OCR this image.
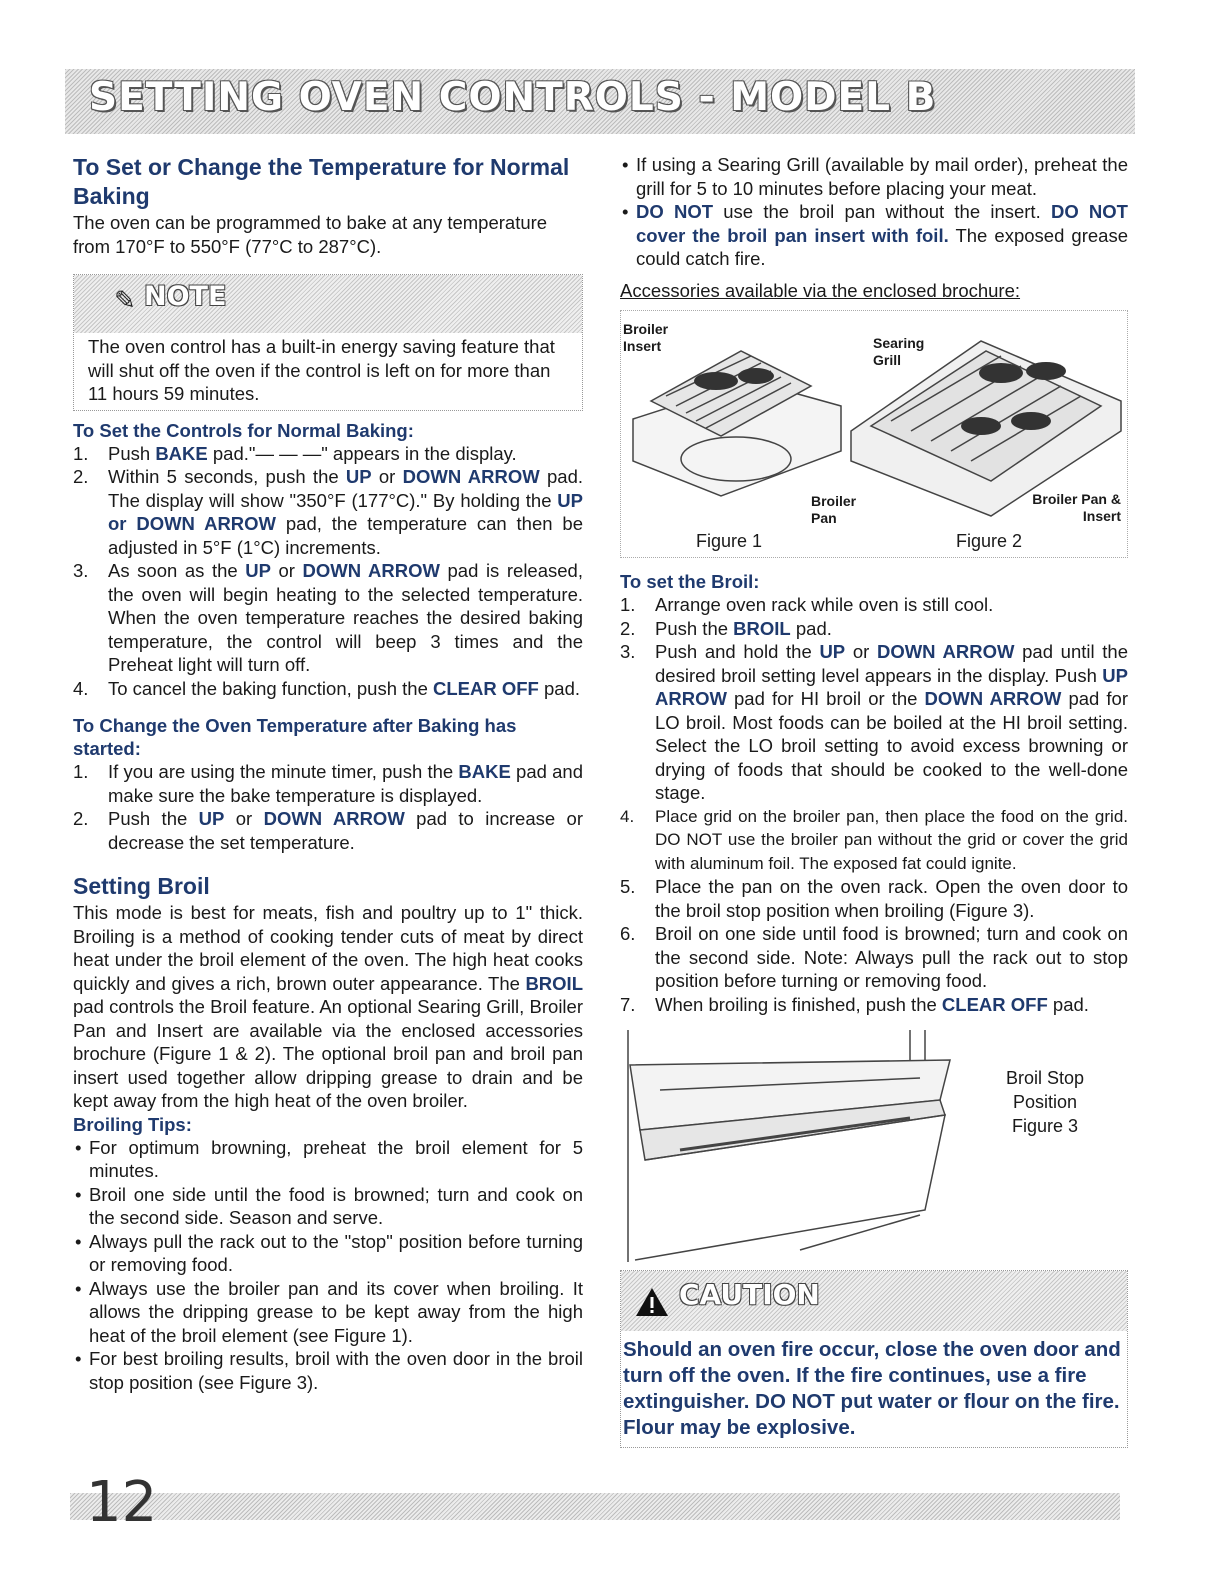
SETTING OVEN CONTROLS - MODEL B
To Set or Change the Temperature for Normal Baking

The oven can be programmed to bake at any temperature from 170°F to 550°F (77°C to 287°C).

✎ NOTE
The oven control has a built-in energy saving feature that will shut off the oven if the control is left on for more than 11 hours 59 minutes.
To Set the Controls for Normal Baking:
1. Push BAKE pad."— — —" appears in the display.
2. Within 5 seconds, push the UP or DOWN ARROW pad. The display will show "350°F (177°C)." By holding the UP or DOWN ARROW pad, the temperature can then be adjusted in 5°F (1°C) increments.
3. As soon as the UP or DOWN ARROW pad is released, the oven will begin heating to the selected temperature. When the oven temperature reaches the desired baking temperature, the control will beep 3 times and the Preheat light will turn off.
4. To cancel the baking function, push the CLEAR OFF pad.
To Change the Oven Temperature after Baking has started:
1. If you are using the minute timer, push the BAKE pad and make sure the bake temperature is displayed.
2. Push the UP or DOWN ARROW pad to increase or decrease the set temperature.
Setting Broil

This mode is best for meats, fish and poultry up to 1" thick. Broiling is a method of cooking tender cuts of meat by direct heat under the broil element of the oven. The high heat cooks quickly and gives a rich, brown outer appearance. The BROIL pad controls the Broil feature. An optional Searing Grill, Broiler Pan and Insert are available via the enclosed accessories brochure (Figure 1 & 2). The optional broil pan and broil pan insert used together allow dripping grease to drain and be kept away from the high heat of the oven broiler.

Broiling Tips:
• For optimum browning, preheat the broil element for 5 minutes.
• Broil one side until the food is browned; turn and cook on the second side. Season and serve.
• Always pull the rack out to the "stop" position before turning or removing food.
• Always use the broiler pan and its cover when broiling. It allows the dripping grease to be kept away from the high heat of the broil element (see Figure 1).
• For best broiling results, broil with the oven door in the broil stop position (see Figure 3).
• If using a Searing Grill (available by mail order), preheat the grill for 5 to 10 minutes before placing your meat.
• DO NOT use the broil pan without the insert. DO NOT cover the broil pan insert with foil. The exposed grease could catch fire.

Accessories available via the enclosed brochure:

Broiler Insert	Searing Grill
Broiler Pan
Broiler Pan & Insert
Figure 1	Figure 2
To set the Broil:
1. Arrange oven rack while oven is still cool.
2. Push the BROIL pad.
3. Push and hold the UP or DOWN ARROW pad until the desired broil setting level appears in the display. Push UP ARROW pad for HI broil or the DOWN ARROW pad for LO broil. Most foods can be boiled at the HI broil setting. Select the LO broil setting to avoid excess browning or drying of foods that should be cooked to the well-done stage.
4. Place grid on the broiler pan, then place the food on the grid. DO NOT use the broiler pan without the grid or cover the grid with aluminum foil. The exposed fat could ignite.
5. Place the pan on the oven rack. Open the oven door to the broil stop position when broiling (Figure 3).
6. Broil on one side until food is browned; turn and cook on the second side. Note: Always pull the rack out to stop position before turning or removing food.
7. When broiling is finished, push the CLEAR OFF pad.
Broil Stop
Position
Figure 3
CAUTION
Should an oven fire occur, close the oven door and turn off the oven. If the fire continues, use a fire extinguisher. DO NOT put water or flour on the fire. Flour may be explosive.
12
